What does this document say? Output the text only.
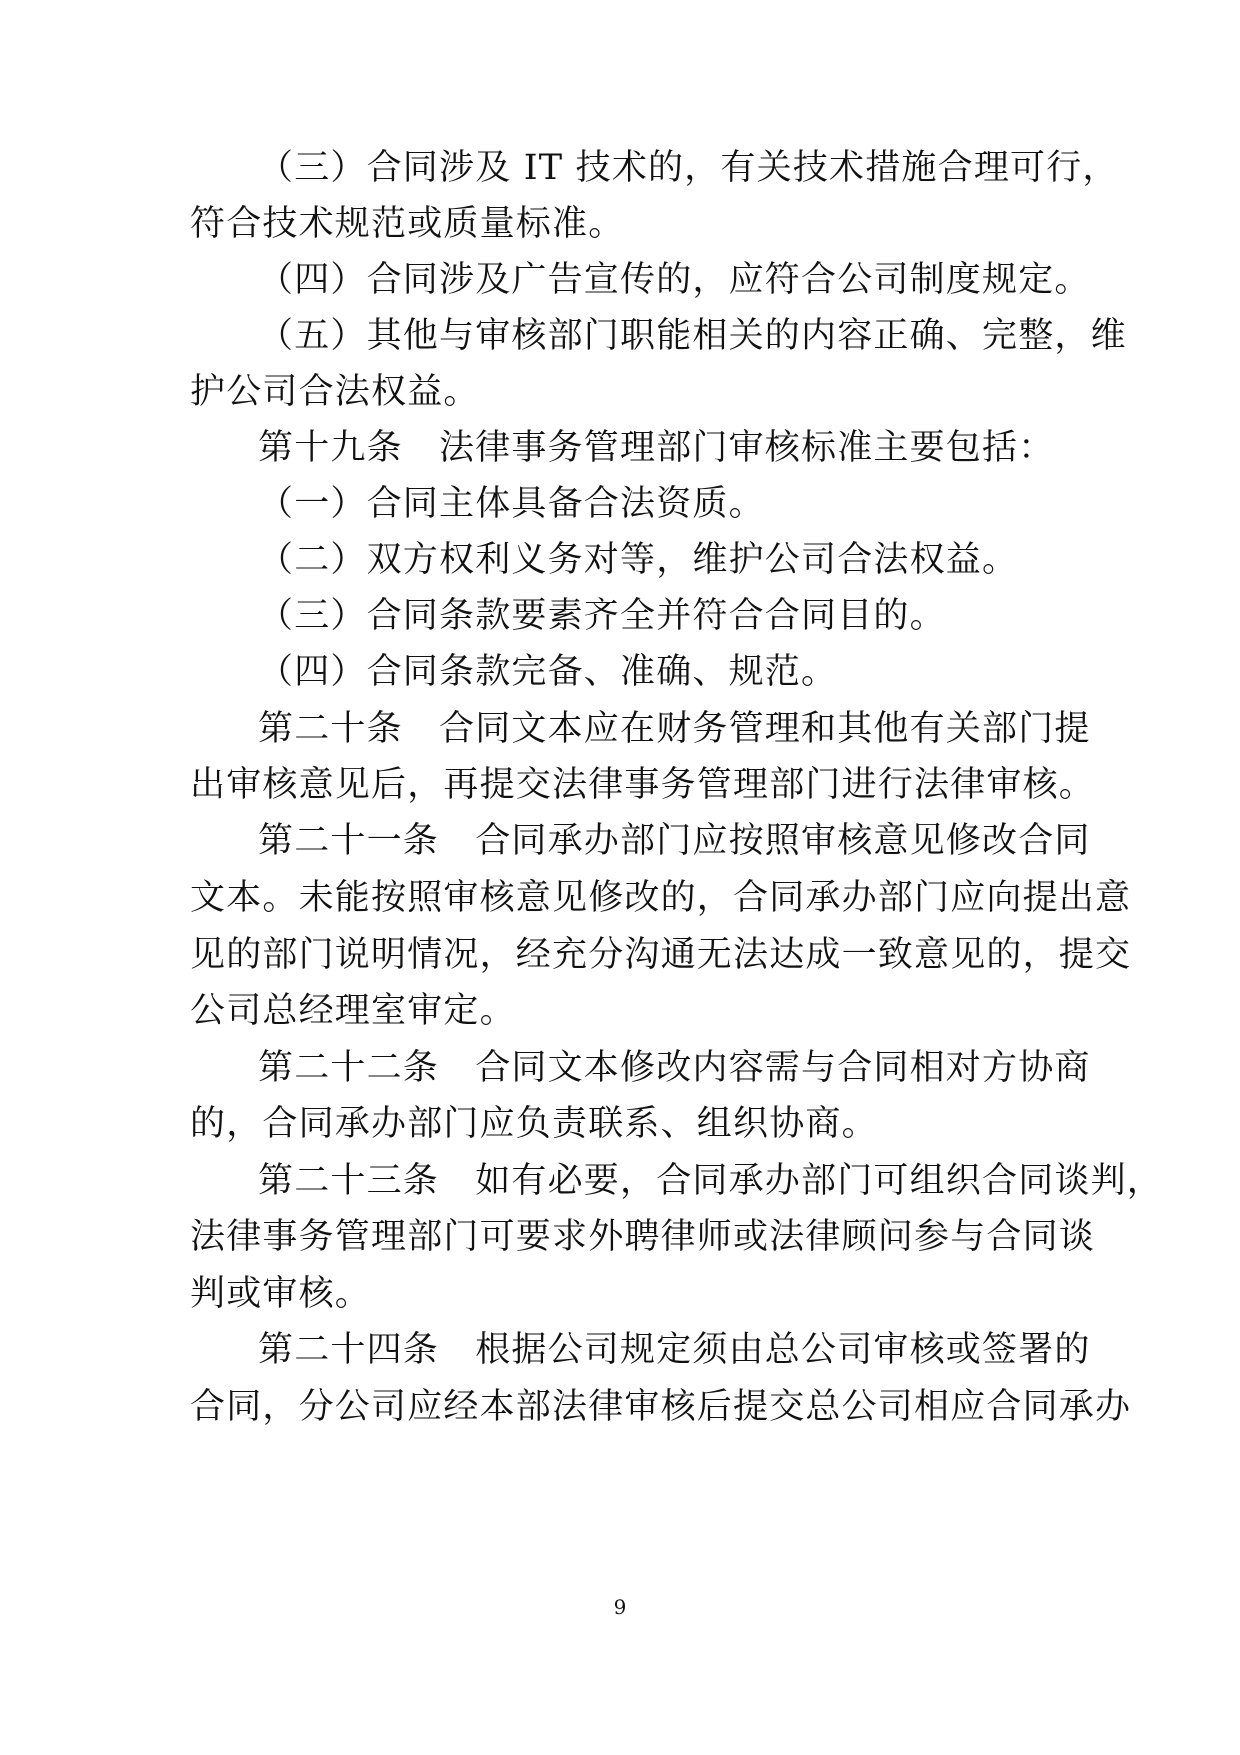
（三）合同涉及 IT 技术的，有关技术措施合理可行，
符合技术规范或质量标准。
（四）合同涉及广告宣传的，应符合公司制度规定。
（五）其他与审核部门职能相关的内容正确、完整，维
护公司合法权益。
第十九条　法律事务管理部门审核标准主要包括：
（一）合同主体具备合法资质。
（二）双方权利义务对等，维护公司合法权益。
（三）合同条款要素齐全并符合合同目的。
（四）合同条款完备、准确、规范。
第二十条　合同文本应在财务管理和其他有关部门提
出审核意见后，再提交法律事务管理部门进行法律审核。
第二十一条　合同承办部门应按照审核意见修改合同
文本。未能按照审核意见修改的，合同承办部门应向提出意
见的部门说明情况，经充分沟通无法达成一致意见的，提交
公司总经理室审定。
第二十二条　合同文本修改内容需与合同相对方协商
的，合同承办部门应负责联系、组织协商。
第二十三条　如有必要，合同承办部门可组织合同谈判，
法律事务管理部门可要求外聘律师或法律顾问参与合同谈
判或审核。
第二十四条　根据公司规定须由总公司审核或签署的
合同，分公司应经本部法律审核后提交总公司相应合同承办
9
